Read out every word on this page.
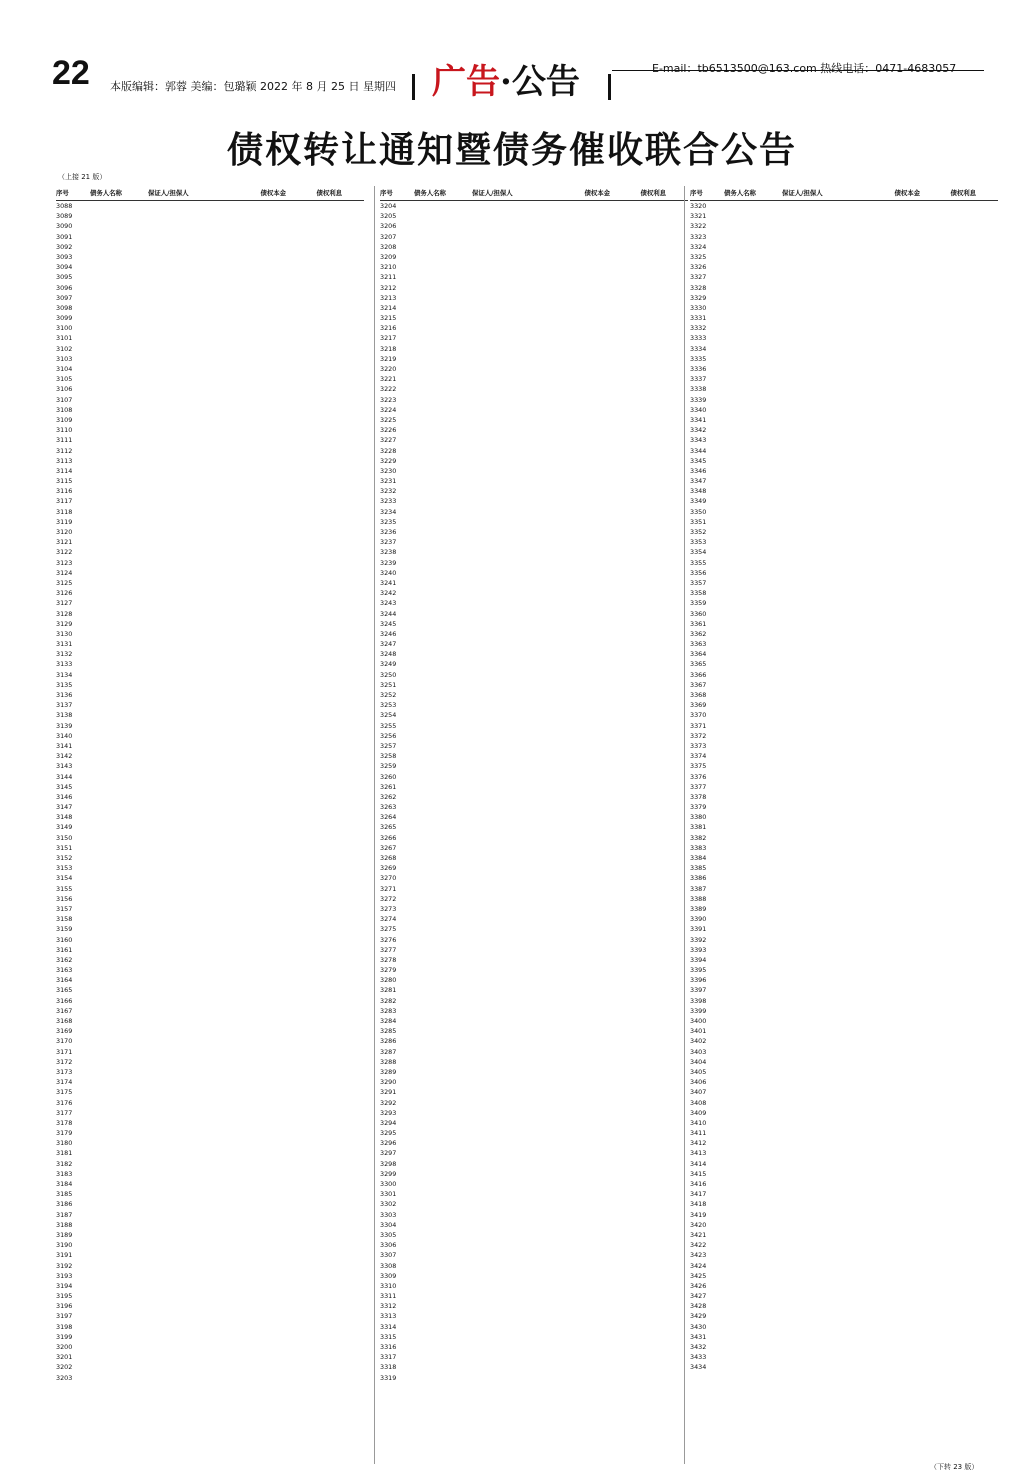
22 本版编辑：郭蓉 美编：包璐颖 2022 年 8 月 25 日 星期四 广告·公告	E-mail：tb6513500@163.com 热线电话：0471-4683057
债权转让通知暨债务催收联合公告
（上接 21 版）
（下转 23 版）
序号	债务人名称	保证人/担保人	债权本金	债权利息
3088
3089
3090
3091
3092
3093
3094
3095
3096
3097
3098
3099
3100
3101
3102
3103
3104
3105
3106
3107
3108
3109
3110
3111
3112
3113
3114
3115
3116
3117
3118
3119
3120
3121
3122
3123
3124
3125
3126
3127
3128
3129
3130
3131
3132
3133
3134
3135
3136
3137
3138
3139
3140
3141
3142
3143
3144
3145
3146
3147
3148
3149
3150
3151
3152
3153
3154
3155
3156
3157
3158
3159
3160
3161
3162
3163
3164
3165
3166
3167
3168
3169
3170
3171
3172
3173
3174
3175
3176
3177
3178
3179
3180
3181
3182
3183
3184
3185
3186
3187
3188
3189
3190
3191
3192
3193
3194
3195
3196
3197
3198
3199
3200
3201
3202
3203
序号	债务人名称	保证人/担保人	债权本金	债权利息
3204
3205
3206
3207
3208
3209
3210
3211
3212
3213
3214
3215
3216
3217
3218
3219
3220
3221
3222
3223
3224
3225
3226
3227
3228
3229
3230
3231
3232
3233
3234
3235
3236
3237
3238
3239
3240
3241
3242
3243
3244
3245
3246
3247
3248
3249
3250
3251
3252
3253
3254
3255
3256
3257
3258
3259
3260
3261
3262
3263
3264
3265
3266
3267
3268
3269
3270
3271
3272
3273
3274
3275
3276
3277
3278
3279
3280
3281
3282
3283
3284
3285
3286
3287
3288
3289
3290
3291
3292
3293
3294
3295
3296
3297
3298
3299
3300
3301
3302
3303
3304
3305
3306
3307
3308
3309
3310
3311
3312
3313
3314
3315
3316
3317
3318
3319
序号	债务人名称	保证人/担保人	债权本金	债权利息
3320
3321
3322
3323
3324
3325
3326
3327
3328
3329
3330
3331
3332
3333
3334
3335
3336
3337
3338
3339
3340
3341
3342
3343
3344
3345
3346
3347
3348
3349
3350
3351
3352
3353
3354
3355
3356
3357
3358
3359
3360
3361
3362
3363
3364
3365
3366
3367
3368
3369
3370
3371
3372
3373
3374
3375
3376
3377
3378
3379
3380
3381
3382
3383
3384
3385
3386
3387
3388
3389
3390
3391
3392
3393
3394
3395
3396
3397
3398
3399
3400
3401
3402
3403
3404
3405
3406
3407
3408
3409
3410
3411
3412
3413
3414
3415
3416
3417
3418
3419
3420
3421
3422
3423
3424
3425
3426
3427
3428
3429
3430
3431
3432
3433
3434
